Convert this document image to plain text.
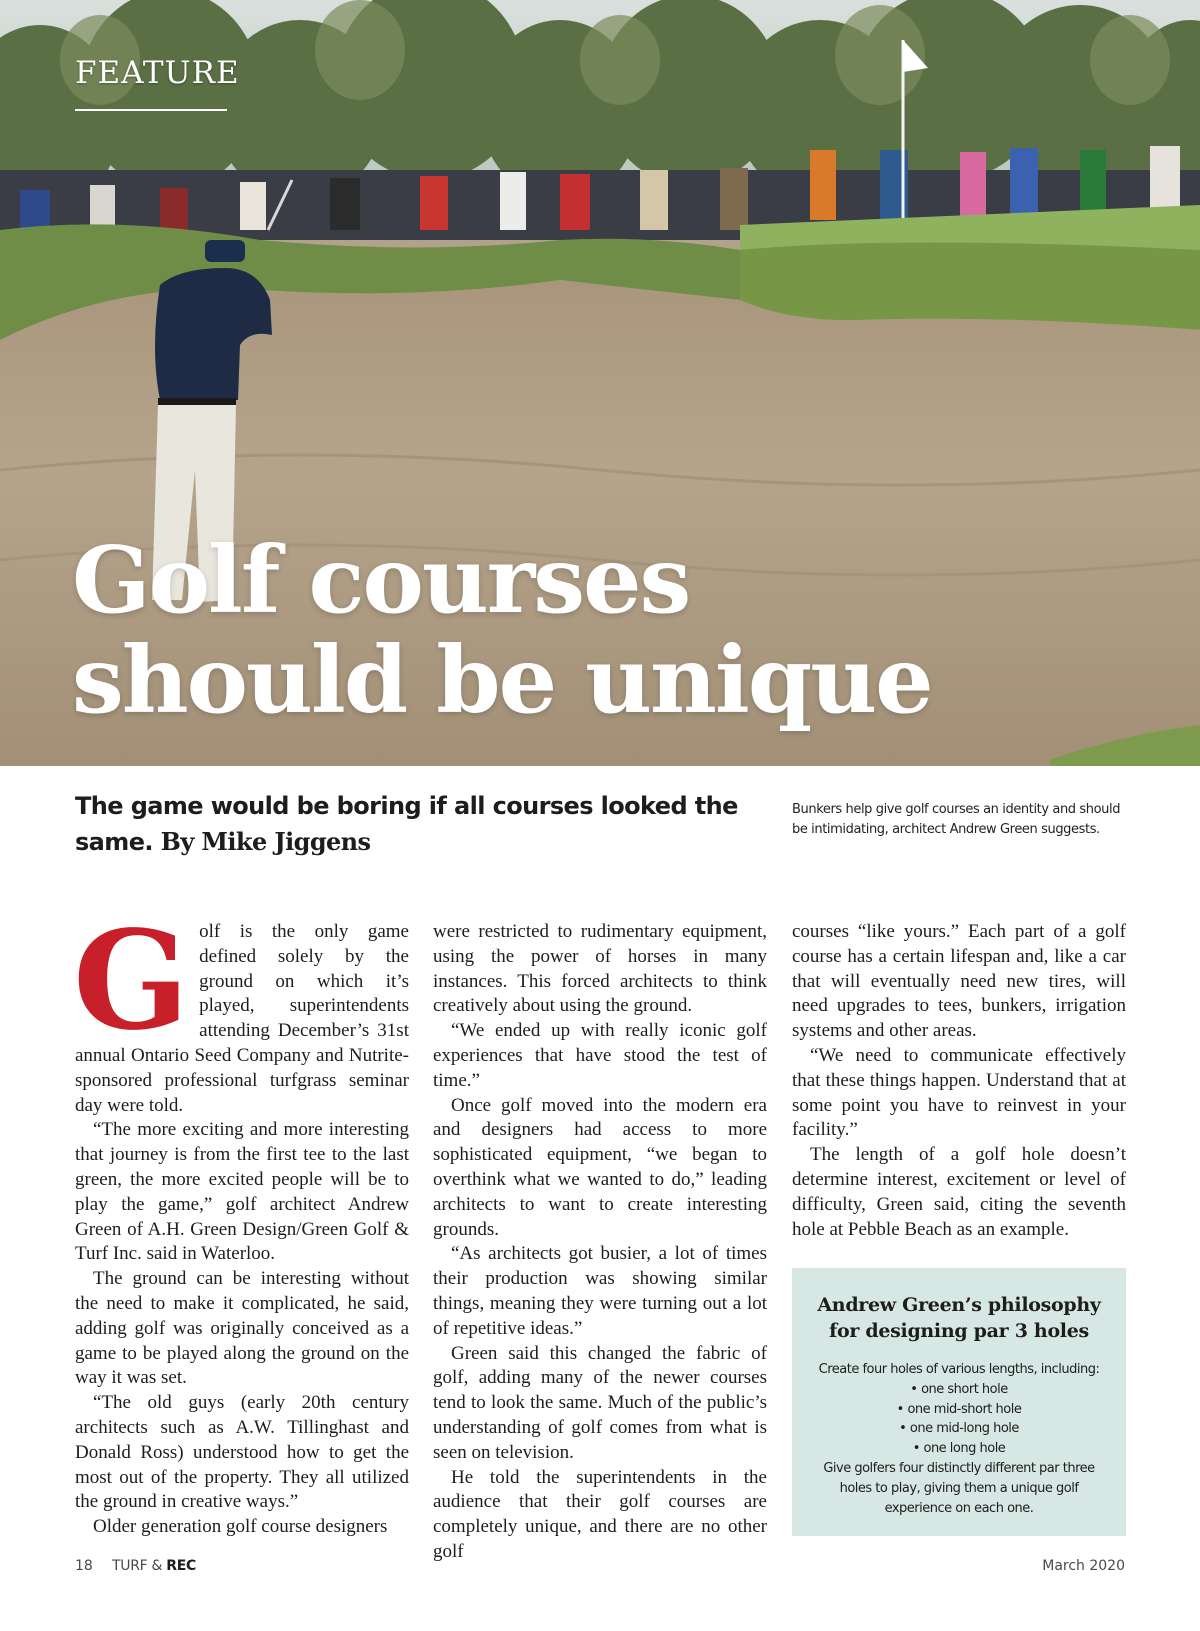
FEATURE
Golf courses
should be unique

The game would be boring if all courses looked the same. By Mike Jiggens

Bunkers help give golf courses an identity and should be intimidating, architect Andrew Green suggests.

Golf is the only game defined solely by the ground on which it’s played, superintendents attending December’s 31st annual Ontario Seed Company and Nutrite-sponsored professional turfgrass seminar day were told.

“The more exciting and more interesting that journey is from the first tee to the last green, the more excited people will be to play the game,” golf architect Andrew Green of A.H. Green Design/Green Golf & Turf Inc. said in Waterloo.

The ground can be interesting without the need to make it complicated, he said, adding golf was originally conceived as a game to be played along the ground on the way it was set.

“The old guys (early 20th century architects such as A.W. Tillinghast and Donald Ross) understood how to get the most out of the property. They all utilized the ground in creative ways.”

Older generation golf course designers

were restricted to rudimentary equipment, using the power of horses in many instances. This forced architects to think creatively about using the ground.

“We ended up with really iconic golf experiences that have stood the test of time.”

Once golf moved into the modern era and designers had access to more sophisticated equipment, “we began to overthink what we wanted to do,” leading architects to want to create interesting grounds.

“As architects got busier, a lot of times their production was showing similar things, meaning they were turning out a lot of repetitive ideas.”

Green said this changed the fabric of golf, adding many of the newer courses tend to look the same. Much of the public’s understanding of golf comes from what is seen on television.

He told the superintendents in the audience that their golf courses are completely unique, and there are no other golf

courses “like yours.” Each part of a golf course has a certain lifespan and, like a car that will eventually need new tires, will need upgrades to tees, bunkers, irrigation systems and other areas.

“We need to communicate effectively that these things happen. Understand that at some point you have to reinvest in your facility.”

The length of a golf hole doesn’t determine interest, excitement or level of difficulty, Green said, citing the seventh hole at Pebble Beach as an example.

Andrew Green’s philosophy for designing par 3 holes

Create four holes of various lengths, including:
• one short hole
• one mid-short hole
• one mid-long hole
• one long hole
Give golfers four distinctly different par three holes to play, giving them a unique golf experience on each one.
18 TURF & REC	March 2020
